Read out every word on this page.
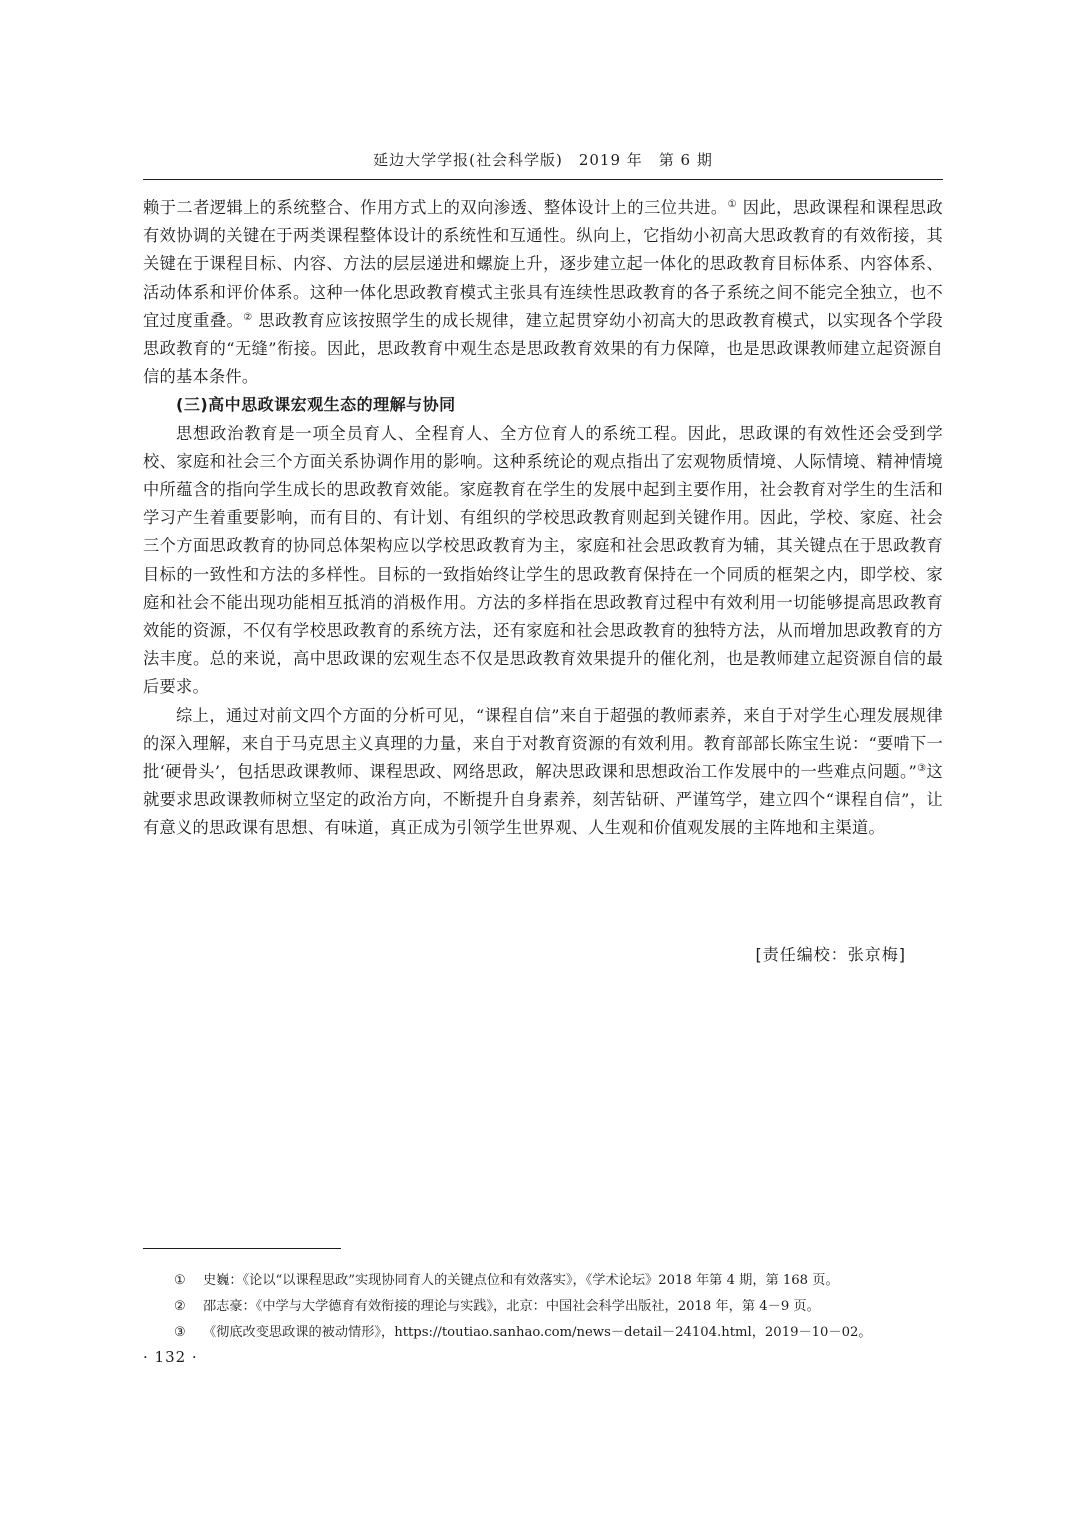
延边大学学报(社会科学版)　2019 年　第 6 期

赖于二者逻辑上的系统整合、作用方式上的双向渗透、整体设计上的三位共进。① 因此，思政课程和课程思政有效协调的关键在于两类课程整体设计的系统性和互通性。纵向上，它指幼小初高大思政教育的有效衔接，其关键在于课程目标、内容、方法的层层递进和螺旋上升，逐步建立起一体化的思政教育目标体系、内容体系、活动体系和评价体系。这种一体化思政教育模式主张具有连续性思政教育的各子系统之间不能完全独立，也不宜过度重叠。② 思政教育应该按照学生的成长规律，建立起贯穿幼小初高大的思政教育模式，以实现各个学段思政教育的“无缝”衔接。因此，思政教育中观生态是思政教育效果的有力保障，也是思政课教师建立起资源自信的基本条件。

(三)高中思政课宏观生态的理解与协同

思想政治教育是一项全员育人、全程育人、全方位育人的系统工程。因此，思政课的有效性还会受到学校、家庭和社会三个方面关系协调作用的影响。这种系统论的观点指出了宏观物质情境、人际情境、精神情境中所蕴含的指向学生成长的思政教育效能。家庭教育在学生的发展中起到主要作用，社会教育对学生的生活和学习产生着重要影响，而有目的、有计划、有组织的学校思政教育则起到关键作用。因此，学校、家庭、社会三个方面思政教育的协同总体架构应以学校思政教育为主，家庭和社会思政教育为辅，其关键点在于思政教育目标的一致性和方法的多样性。目标的一致指始终让学生的思政教育保持在一个同质的框架之内，即学校、家庭和社会不能出现功能相互抵消的消极作用。方法的多样指在思政教育过程中有效利用一切能够提高思政教育效能的资源，不仅有学校思政教育的系统方法，还有家庭和社会思政教育的独特方法，从而增加思政教育的方法丰度。总的来说，高中思政课的宏观生态不仅是思政教育效果提升的催化剂，也是教师建立起资源自信的最后要求。

综上，通过对前文四个方面的分析可见，“课程自信”来自于超强的教师素养，来自于对学生心理发展规律的深入理解，来自于马克思主义真理的力量，来自于对教育资源的有效利用。教育部部长陈宝生说：“要啃下一批‘硬骨头’，包括思政课教师、课程思政、网络思政，解决思政课和思想政治工作发展中的一些难点问题。”③这就要求思政课教师树立坚定的政治方向，不断提升自身素养，刻苦钻研、严谨笃学，建立四个“课程自信”，让有意义的思政课有思想、有味道，真正成为引领学生世界观、人生观和价值观发展的主阵地和主渠道。

[责任编校：张京梅]
①	史巍：《论以“以课程思政”实现协同育人的关键点位和有效落实》，《学术论坛》2018 年第 4 期，第 168 页。
②	邵志豪：《中学与大学德育有效衔接的理论与实践》，北京：中国社会科学出版社，2018 年，第 4－9 页。
③	《彻底改变思政课的被动情形》，https://toutiao.sanhao.com/news－detail－24104.html，2019－10－02。
· 132 ·
